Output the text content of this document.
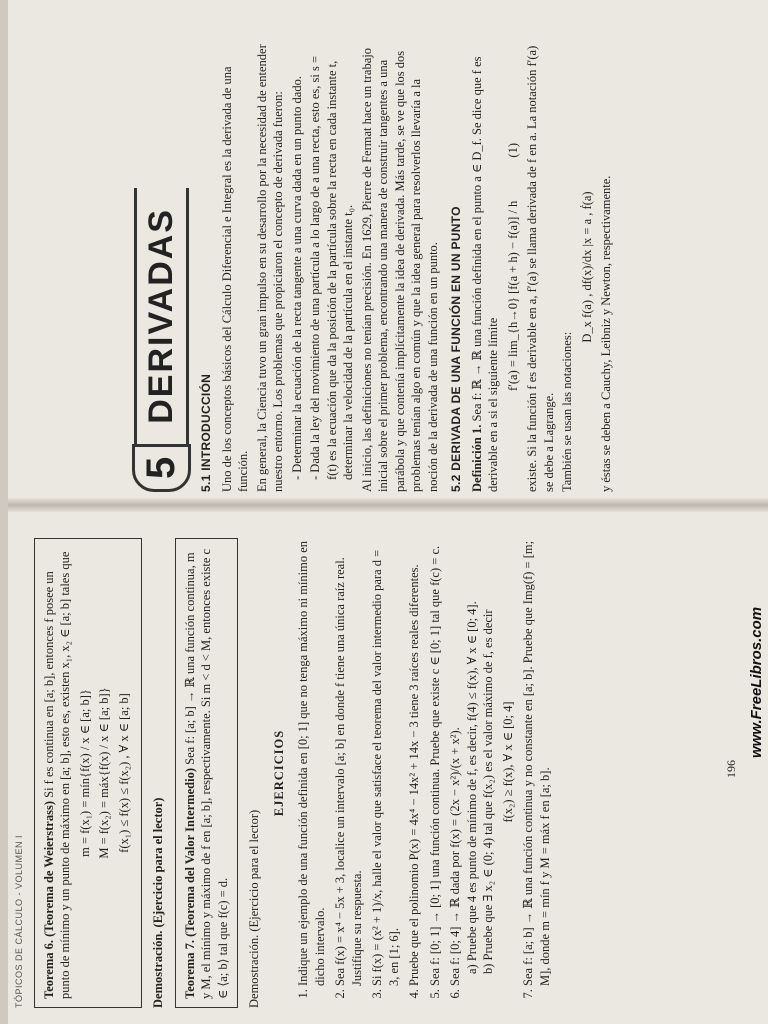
5
DERIVADAS
5.1 INTRODUCCIÓN Uno de los conceptos básicos del Cálculo Diferencial e Integral es la derivada de una función. En general, la Ciencia tuvo un gran impulso en su desarrollo por la necesidad de entender nuestro entorno. Los problemas que propiciaron el concepto de derivada fueron: - Determinar la ecuación de la recta tangente a una curva dada en un punto dado. - Dada la ley del movimiento de una partícula a lo largo de a una recta, esto es, si s = f(t) es la ecuación que da la posición de la partícula sobre la recta en cada instante t, determinar la velocidad de la partícula en el instante t₀. Al inicio, las definiciones no tenían precisión. En 1629, Pierre de Fermat hace un trabajo inicial sobre el primer problema, encontrando una manera de construir tangentes a una parábola y que contenía implícitamente la idea de derivada. Más tarde, se ve que los dos problemas tenían algo en común y que la idea general para resolverlos llevaría a la noción de la derivada de una función en un punto. 5.2 DERIVADA DE UNA FUNCIÓN EN UN PUNTO Definición 1. Sea f: ℝ → ℝ una función definida en el punto a ∈ D_f. Se dice que f es derivable en a si el siguiente límite

f′(a) = lim_{h→0} [f(a + h) − f(a)] / h (1) existe. Si la función f es derivable en a, f′(a) se llama derivada de f en a. La notación f′(a) se debe a Lagrange. También se usan las notaciones:

D_x f(a) , df(x)/dx |x = a , ḟ(a) y éstas se deben a Cauchy, Leibniz y Newton, respectivamente.

TÓPICOS DE CÁLCULO - VOLUMEN I	Teorema 6. (Teorema de Weierstrass) Si f es continua en [a; b], entonces f posee un punto de mínimo y un punto de máximo en [a; b], esto es, existen x₁, x₂ ∈ [a; b] tales que m = f(x₁) = mín{f(x) / x ∈ [a; b]} M = f(x₂) = máx{f(x) / x ∈ [a; b]} f(x₁) ≤ f(x) ≤ f(x₂) , ∀ x ∈ [a; b]

Demostración. (Ejercicio para el lector)	Teorema 7. (Teorema del Valor Intermedio) Sea f: [a; b] → ℝ una función continua, m y M, el mínimo y máximo de f en [a; b], respectivamente. Si m < d < M, entonces existe c ∈ ⟨a; b⟩ tal que f(c) = d.	Demostración. (Ejercicio para el lector)

EJERCICIOS 1. Indique un ejemplo de una función definida en [0; 1] que no tenga máximo ni mínimo en dicho intervalo. 2. Sea f(x) = x⁴ − 5x + 3, localice un intervalo [a; b] en donde f tiene una única raíz real. Justifique su respuesta. 3. Si f(x) = (x² + 1)/x, halle el valor que satisface el teorema del valor intermedio para d = 3, en [1; 6]. 4. Pruebe que el polinomio P(x) = 4x⁴ − 14x² + 14x − 3 tiene 3 raíces reales diferentes. 5. Sea f: [0; 1] → [0; 1] una función continua. Pruebe que existe c ∈ [0; 1] tal que f(c) = c. 6. Sea f: [0; 4] → ℝ dada por f(x) = (2x − x²)/(x + x²). a) Pruebe que 4 es punto de mínimo de f, es decir, f(4) ≤ f(x), ∀ x ∈ [0; 4]. b) Pruebe que ∃ x₂ ∈ (0; 4) tal que f(x₂) es el valor máximo de f, es decir f(x₂) ≥ f(x), ∀ x ∈ [0; 4] 7. Sea f: [a; b] → ℝ una función continua y no constante en [a; b]. Pruebe que Img(f) = [m; M], donde m = mín f y M = máx f en [a; b].	196
www.FreeLibros.com
